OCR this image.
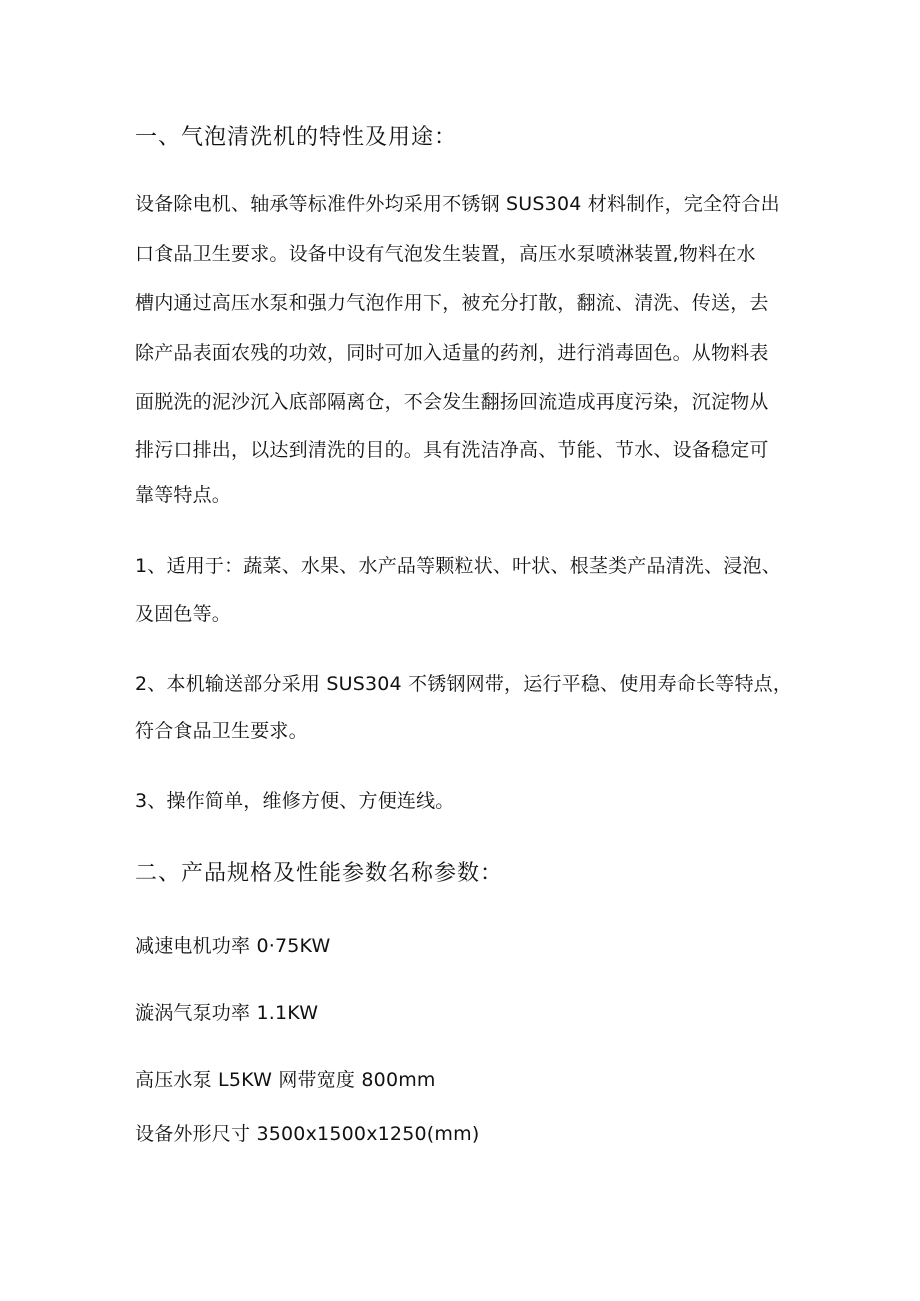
一、气泡清洗机的特性及用途：
设备除电机、轴承等标准件外均采用不锈钢 SUS304 材料制作，完全符合出
口食品卫生要求。设备中设有气泡发生装置，高压水泵喷淋装置,物料在水
槽内通过高压水泵和强力气泡作用下，被充分打散，翻流、清洗、传送，去
除产品表面农残的功效，同时可加入适量的药剂，进行消毒固色。从物料表
面脱洗的泥沙沉入底部隔离仓，不会发生翻扬回流造成再度污染，沉淀物从
排污口排出，以达到清洗的目的。具有洗洁净高、节能、节水、设备稳定可
靠等特点。
1、适用于：蔬菜、水果、水产品等颗粒状、叶状、根茎类产品清洗、浸泡、
及固色等。
2、本机输送部分采用 SUS304 不锈钢网带，运行平稳、使用寿命长等特点，
符合食品卫生要求。
3、操作简单，维修方便、方便连线。
二、产品规格及性能参数名称参数：
减速电机功率 0·75KW
漩涡气泵功率 1.1KW
高压水泵 L5KW 网带宽度 800mm
设备外形尺寸 3500x1500x1250(mm)
